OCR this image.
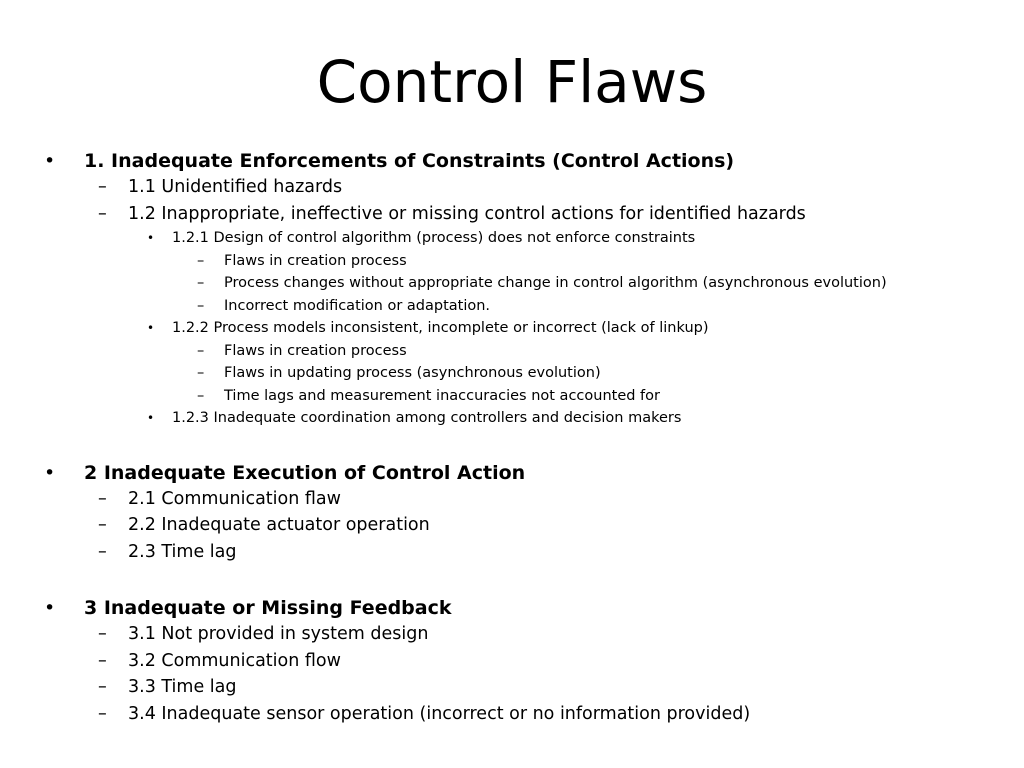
Control Flaws
• 1. Inadequate Enforcements of Constraints (Control Actions)
– 1.1 Unidentified hazards
– 1.2 Inappropriate, ineffective or missing control actions for identified hazards
• 1.2.1 Design of control algorithm (process) does not enforce constraints
– Flaws in creation process
– Process changes without appropriate change in control algorithm (asynchronous evolution)
– Incorrect modification or adaptation.
• 1.2.2 Process models inconsistent, incomplete or incorrect (lack of linkup)
– Flaws in creation process
– Flaws in updating process (asynchronous evolution)
– Time lags and measurement inaccuracies not accounted for
• 1.2.3 Inadequate coordination among controllers and decision makers
• 2 Inadequate Execution of Control Action
– 2.1 Communication flaw
– 2.2 Inadequate actuator operation
– 2.3 Time lag
• 3 Inadequate or Missing Feedback
– 3.1 Not provided in system design
– 3.2 Communication flow
– 3.3 Time lag
– 3.4 Inadequate sensor operation (incorrect or no information provided)
